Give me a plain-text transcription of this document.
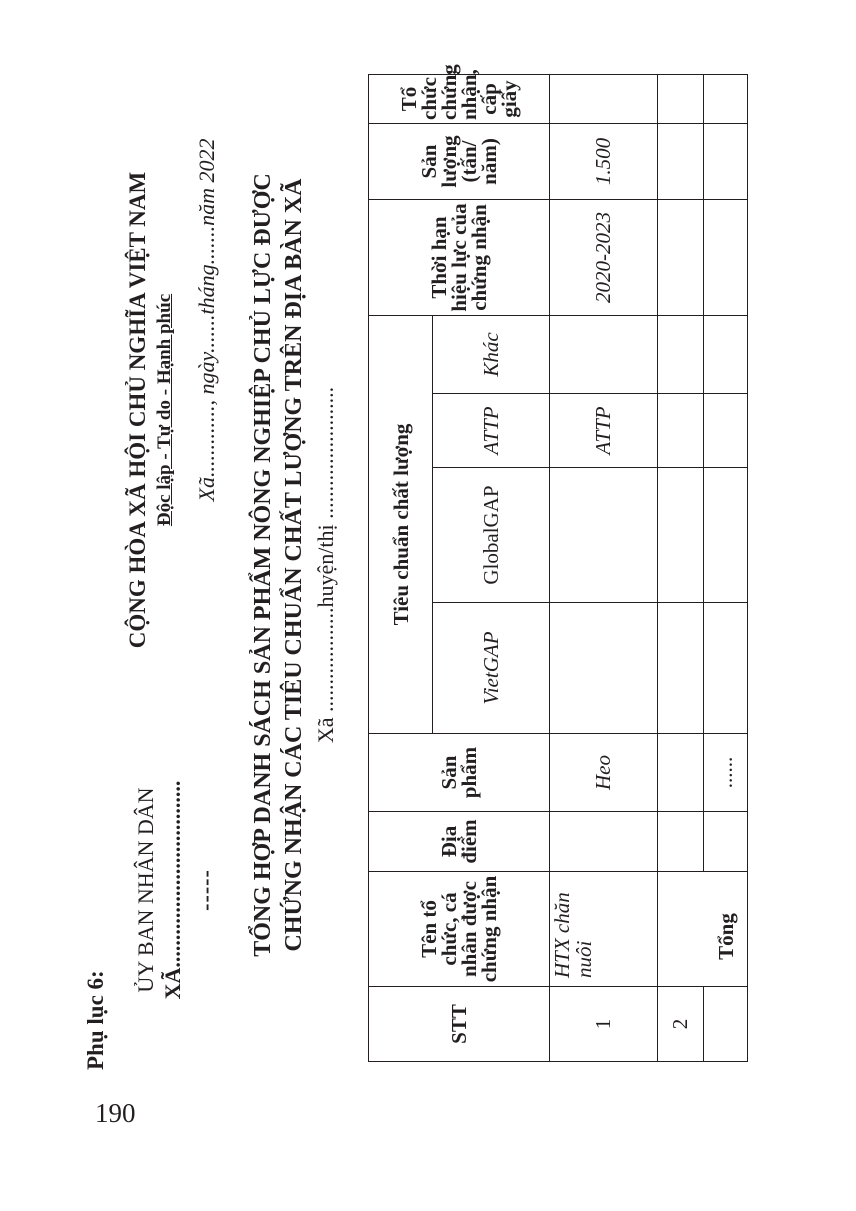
190
Phụ lục 6:
ỦY BAN NHÂN DÂN XÃ.................................. -----
CỘNG HÒA XÃ HỘI CHỦ NGHĨA VIỆT NAM Độc lập - Tự do - Hạnh phúc Xã............., ngày.......tháng.......năm 2022 TỔNG HỢP DANH SÁCH SẢN PHẨM NÔNG NGHIỆP CHỦ LỰC ĐƯỢC CHỨNG NHẬN CÁC TIÊU CHUẨN CHẤT LƯỢNG TRÊN ĐỊA BÀN XÃ Xã ...................huyện/thị ........................
STT	Tên tổ chức, cá nhân được chứng nhận	Địa điểm	Sản phẩm	Tiêu chuẩn chất lượng				Thời hạn hiệu lực của chứng nhận	Sản lượng (tấn/ năm)	Tổ chức chứng nhận, cấp giấy
				VietGAP	GlobalGAP	ATTP	Khác			
1	HTX chăn nuôi		Heo			ATTP		2020-2023	1.500	
2										
Tổng			......							
